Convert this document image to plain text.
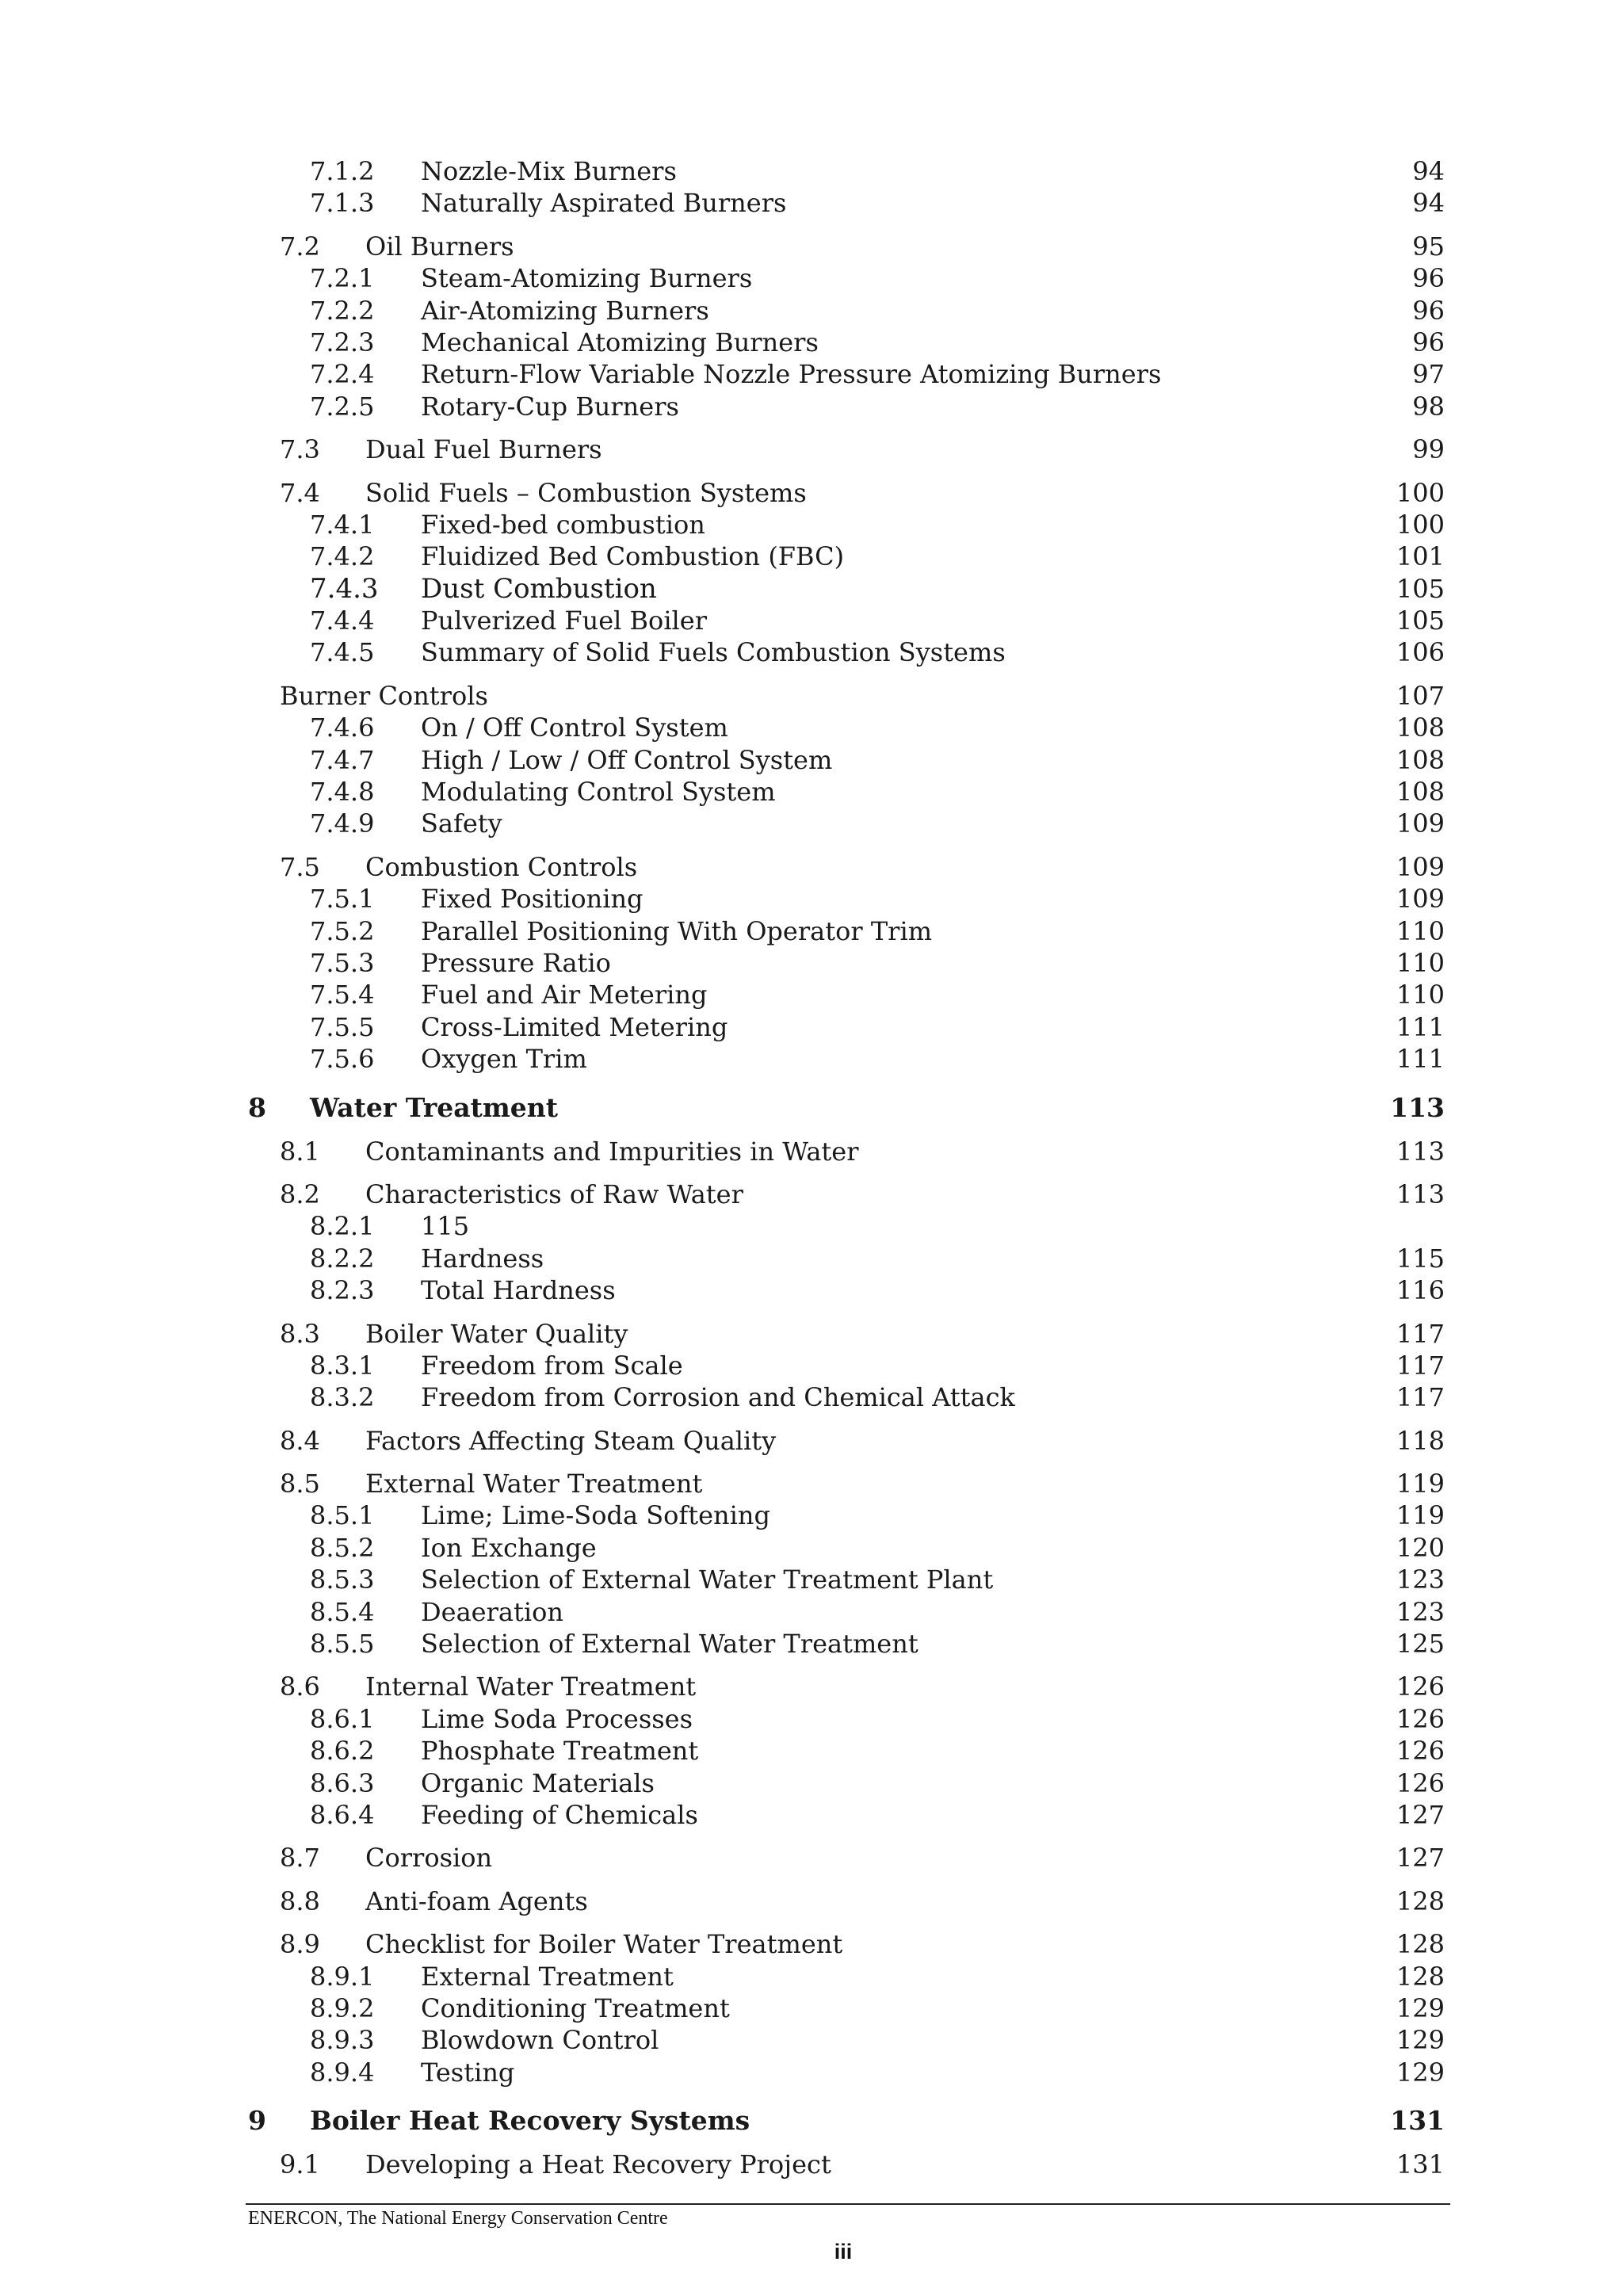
7.1.2 Nozzle-Mix Burners	94
7.1.3 Naturally Aspirated Burners	94
7.2 Oil Burners	95
7.2.1 Steam-Atomizing Burners	96
7.2.2 Air-Atomizing Burners	96
7.2.3 Mechanical Atomizing Burners	96
7.2.4 Return-Flow Variable Nozzle Pressure Atomizing Burners	97
7.2.5 Rotary-Cup Burners	98
7.3 Dual Fuel Burners	99
7.4 Solid Fuels – Combustion Systems	100
7.4.1 Fixed-bed combustion	100
7.4.2 Fluidized Bed Combustion (FBC)	101
7.4.3 Dust Combustion	105
7.4.4 Pulverized Fuel Boiler	105
7.4.5 Summary of Solid Fuels Combustion Systems	106
Burner Controls	107
7.4.6 On / Off Control System	108
7.4.7 High / Low / Off Control System	108
7.4.8 Modulating Control System	108
7.4.9 Safety	109
7.5 Combustion Controls	109
7.5.1 Fixed Positioning	109
7.5.2 Parallel Positioning With Operator Trim	110
7.5.3 Pressure Ratio	110
7.5.4 Fuel and Air Metering	110
7.5.5 Cross-Limited Metering	111
7.5.6 Oxygen Trim	111
8 Water Treatment	113
8.1 Contaminants and Impurities in Water	113
8.2 Characteristics of Raw Water	113
8.2.1 115
8.2.2 Hardness	115
8.2.3 Total Hardness	116
8.3 Boiler Water Quality	117
8.3.1 Freedom from Scale	117
8.3.2 Freedom from Corrosion and Chemical Attack	117
8.4 Factors Affecting Steam Quality	118
8.5 External Water Treatment	119
8.5.1 Lime; Lime-Soda Softening	119
8.5.2 Ion Exchange	120
8.5.3 Selection of External Water Treatment Plant	123
8.5.4 Deaeration	123
8.5.5 Selection of External Water Treatment	125
8.6 Internal Water Treatment	126
8.6.1 Lime Soda Processes	126
8.6.2 Phosphate Treatment	126
8.6.3 Organic Materials	126
8.6.4 Feeding of Chemicals	127
8.7 Corrosion	127
8.8 Anti-foam Agents	128
8.9 Checklist for Boiler Water Treatment	128
8.9.1 External Treatment	128
8.9.2 Conditioning Treatment	129
8.9.3 Blowdown Control	129
8.9.4 Testing	129
9 Boiler Heat Recovery Systems	131
9.1 Developing a Heat Recovery Project	131
ENERCON, The National Energy Conservation Centre
iii
